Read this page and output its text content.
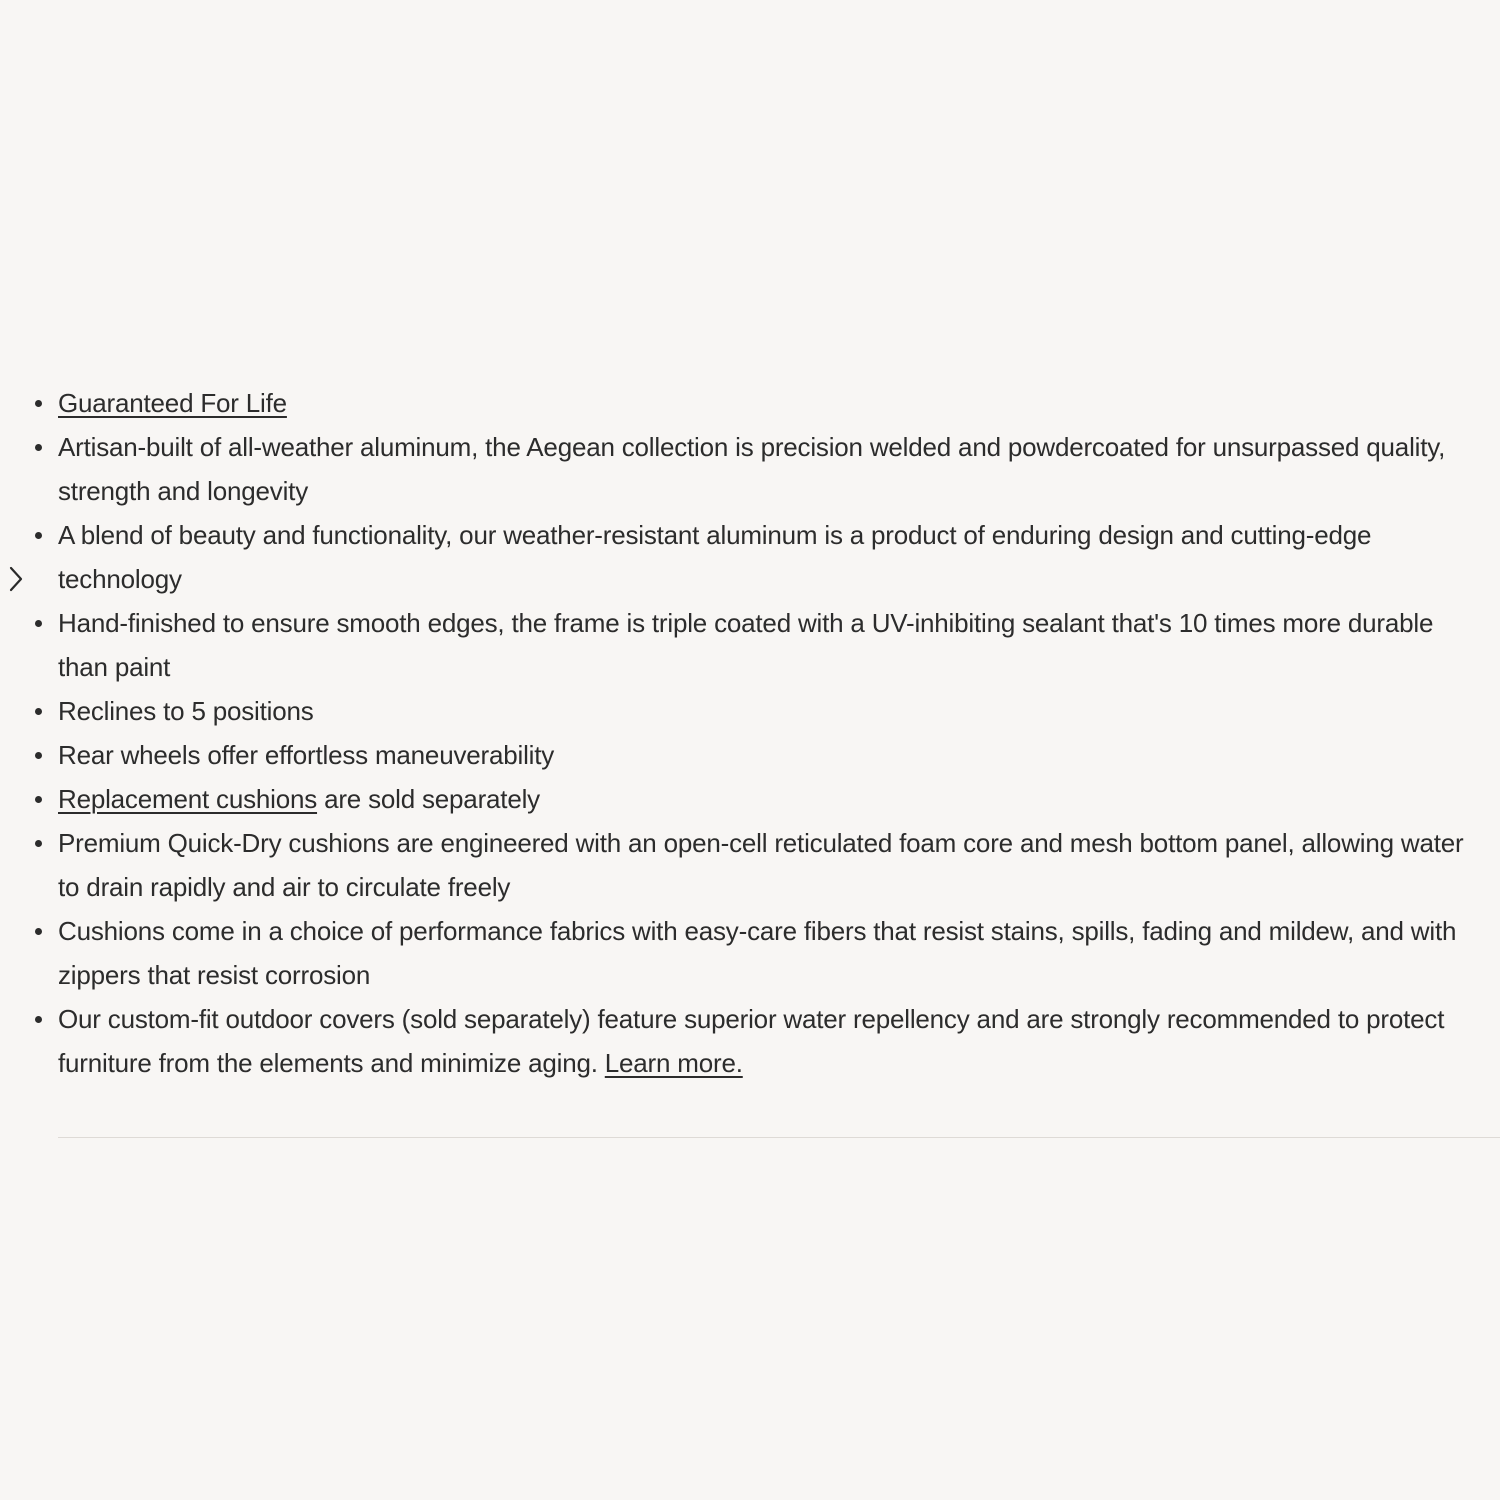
Guaranteed For Life
Artisan-built of all-weather aluminum, the Aegean collection is precision welded and powdercoated for unsurpassed quality, strength and longevity
A blend of beauty and functionality, our weather-resistant aluminum is a product of enduring design and cutting-edge technology
Hand-finished to ensure smooth edges, the frame is triple coated with a UV-inhibiting sealant that's 10 times more durable than paint
Reclines to 5 positions
Rear wheels offer effortless maneuverability
Replacement cushions are sold separately
Premium Quick-Dry cushions are engineered with an open-cell reticulated foam core and mesh bottom panel, allowing water to drain rapidly and air to circulate freely
Cushions come in a choice of performance fabrics with easy-care fibers that resist stains, spills, fading and mildew, and with zippers that resist corrosion
Our custom-fit outdoor covers (sold separately) feature superior water repellency and are strongly recommended to protect furniture from the elements and minimize aging. Learn more.
